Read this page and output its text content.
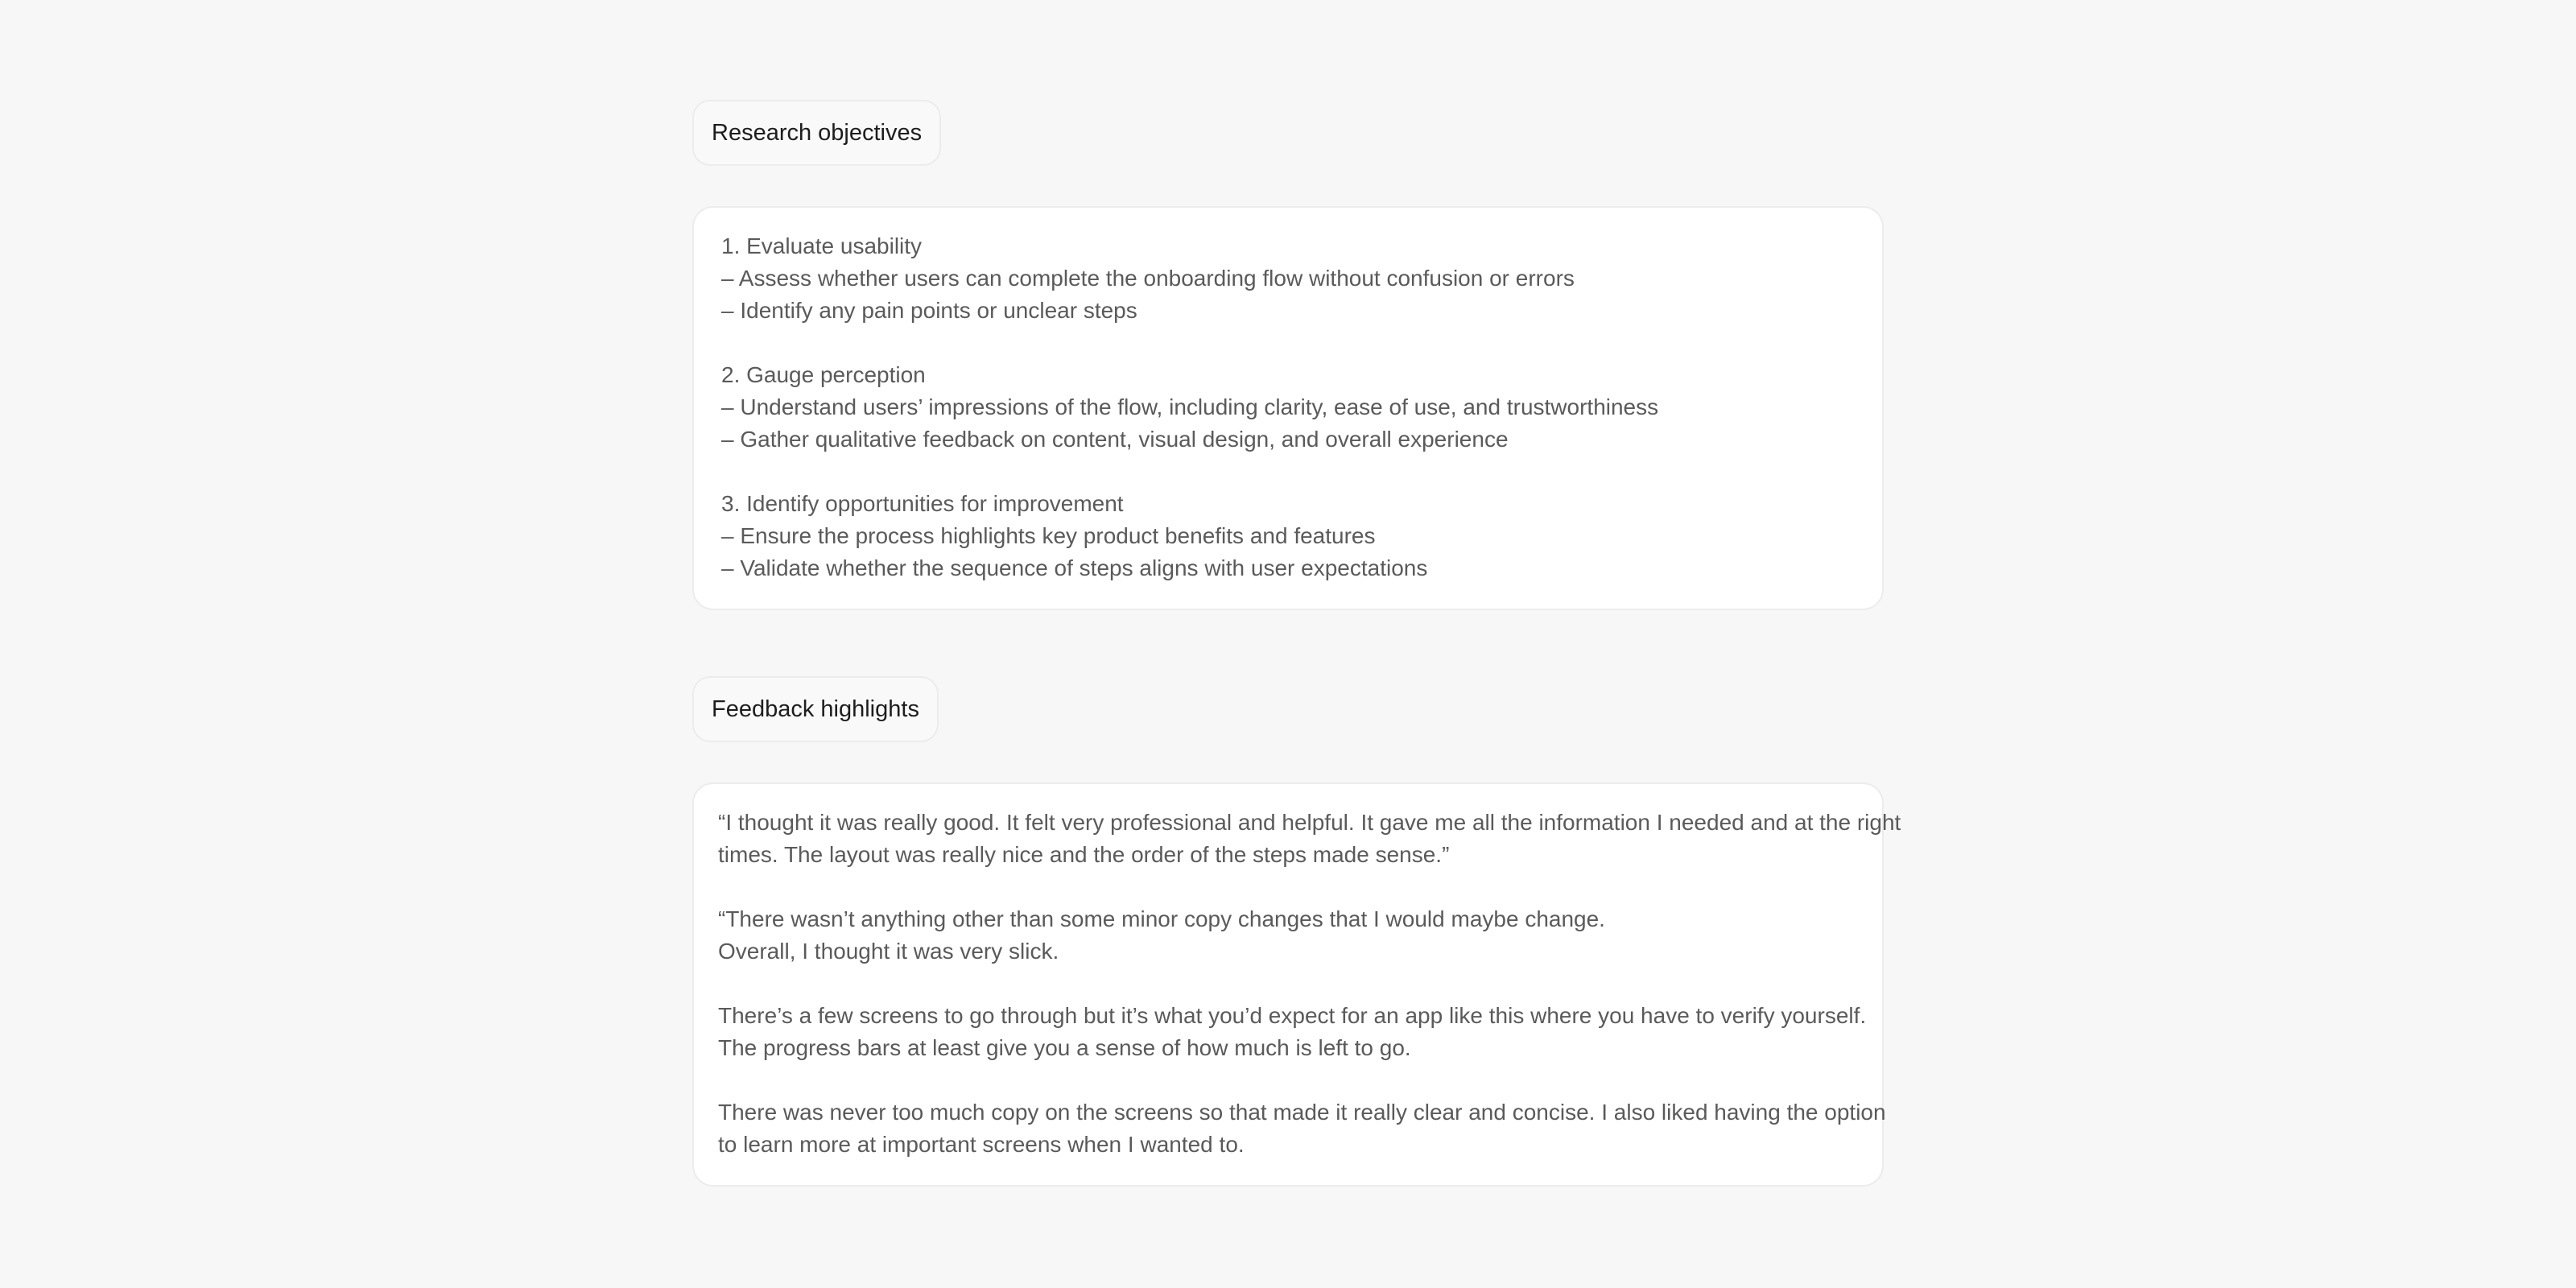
Research objectives
1. Evaluate usability
– Assess whether users can complete the onboarding flow without confusion or errors
– Identify any pain points or unclear steps
2. Gauge perception
– Understand users’ impressions of the flow, including clarity, ease of use, and trustworthiness
– Gather qualitative feedback on content, visual design, and overall experience
3. Identify opportunities for improvement
– Ensure the process highlights key product benefits and features
– Validate whether the sequence of steps aligns with user expectations
Feedback highlights
“I thought it was really good. It felt very professional and helpful. It gave me all the information I needed and at the right
times. The layout was really nice and the order of the steps made sense.”
“There wasn’t anything other than some minor copy changes that I would maybe change.
Overall, I thought it was very slick.
There’s a few screens to go through but it’s what you’d expect for an app like this where you have to verify yourself.
The progress bars at least give you a sense of how much is left to go.
There was never too much copy on the screens so that made it really clear and concise. I also liked having the option
to learn more at important screens when I wanted to.
